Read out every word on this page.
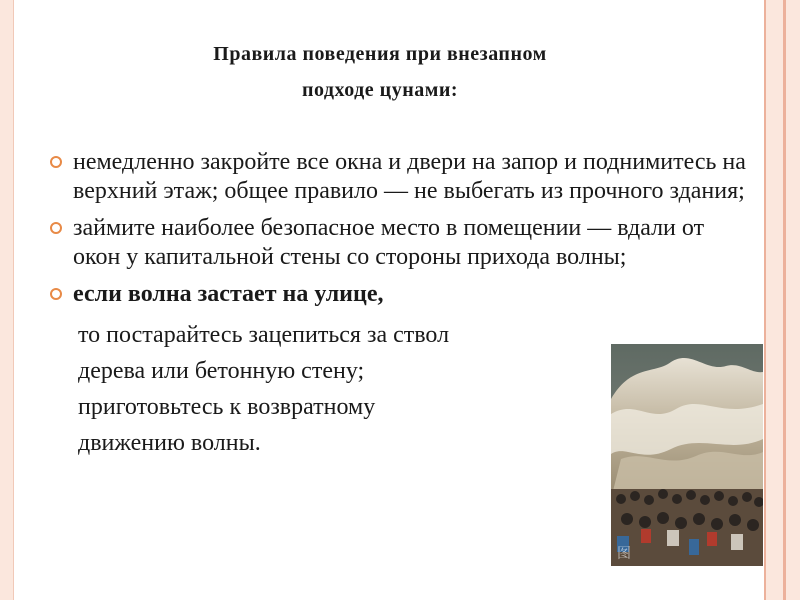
Правила поведения при внезапном
подходе цунами:
немедленно закройте все окна и двери на запор и поднимитесь на верхний этаж; общее правило — не выбегать из прочного здания;
займите наиболее безопасное место в помещении — вдали от окон у капитальной стены со стороны прихода волны;
если волна застает на улице,
то постарайтесь зацепиться за ствол
дерева или бетонную стену;
приготовьтесь к возвратному
движению волны.
图
